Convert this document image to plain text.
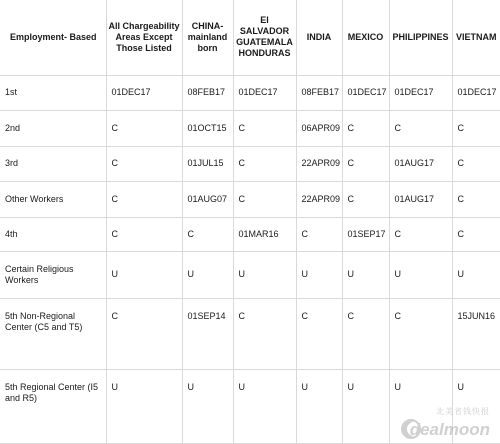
Employment- Based	All Chargeability Areas Except Those Listed	CHINA-mainland born	El SALVADOR GUATEMALA HONDURAS	INDIA	MEXICO	PHILIPPINES	VIETNAM
1st	01DEC17	08FEB17	01DEC17	08FEB17	01DEC17	01DEC17	01DEC17
2nd	C	01OCT15	C	06APR09	C	C	C
3rd	C	01JUL15	C	22APR09	C	01AUG17	C
Other Workers	C	01AUG07	C	22APR09	C	01AUG17	C
4th	C	C	01MAR16	C	01SEP17	C	C
Certain Religious Workers	U	U	U	U	U	U	U
5th Non-Regional Center (C5 and T5)	C	01SEP14	C	C	C	C	15JUN16
5th Regional Center (I5 and R5)	U	U	U	U	U	U	U
北美省钱快报
dealmoon
